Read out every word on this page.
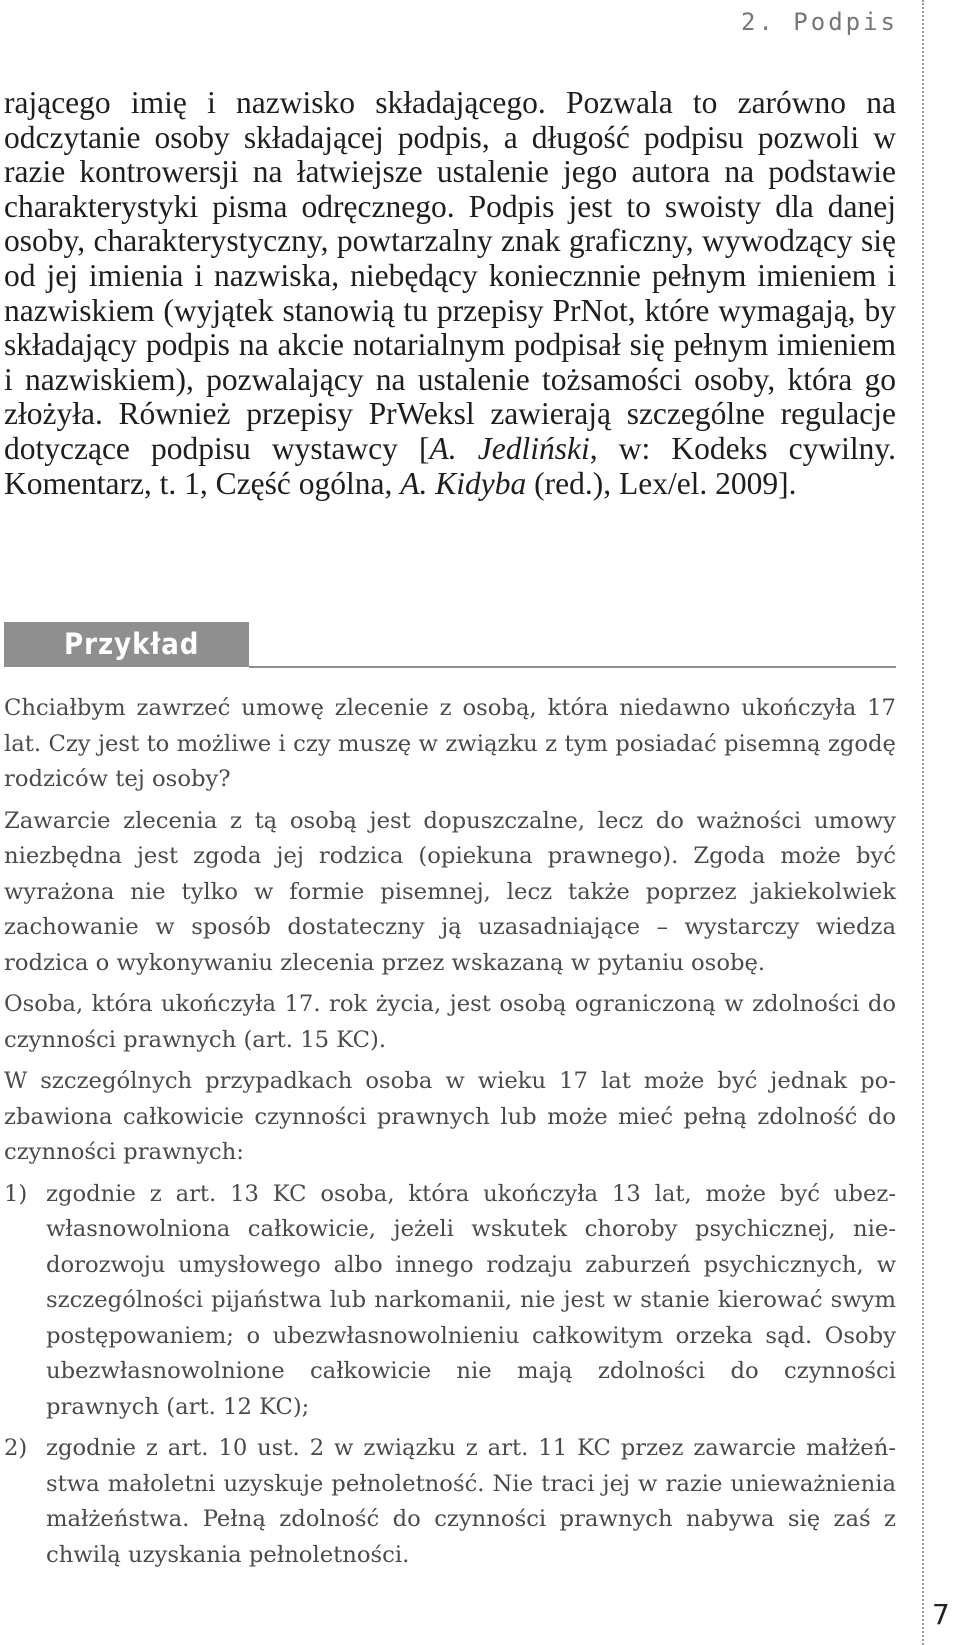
2. Podpis

rającego imię i nazwisko składającego. Pozwala to zarówno na odczytanie osoby składającej podpis, a długość podpisu pozwoli w razie kontrowersji na łatwiejsze ustalenie jego autora na podstawie charakterystyki pisma odręcznego. Podpis jest to swoisty dla danej osoby, charakterystyczny, powtarzalny znak graficzny, wywodzący się od jej imienia i nazwiska, niebędący koniecznnie pełnym imieniem i nazwiskiem (wyjątek stanowią tu przepisy PrNot, które wymagają, by składający podpis na akcie notarialnym podpisał się pełnym imieniem i nazwiskiem), pozwalający na ustalenie tożsamości osoby, która go złożyła. Również przepisy PrWeksl zawierają szczególne regulacje dotyczące podpisu wystawcy [A. Jedliński, w: Kodeks cywilny. Komentarz, t. 1, Część ogólna, A. Kidyba (red.), Lex/el. 2009].

Przykład

Chciałbym zawrzeć umowę zlecenie z osobą, która niedawno ukończyła 17 lat. Czy jest to możliwe i czy muszę w związku z tym posiadać pisemną zgodę rodziców tej osoby?

Zawarcie zlecenia z tą osobą jest dopuszczalne, lecz do ważności umowy niezbędna jest zgoda jej rodzica (opiekuna prawnego). Zgoda może być wyrażona nie tylko w formie pisemnej, lecz także poprzez jakiekolwiek zachowanie w sposób dostateczny ją uzasadniające – wystarczy wiedza rodzica o wykonywaniu zlecenia przez wskazaną w pytaniu osobę.

Osoba, która ukończyła 17. rok życia, jest osobą ograniczoną w zdolności do czynności prawnych (art. 15 KC).

W szczególnych przypadkach osoba w wieku 17 lat może być jednak pozbawiona całkowicie czynności prawnych lub może mieć pełną zdolność do czynności prawnych:

1) zgodnie z art. 13 KC osoba, która ukończyła 13 lat, może być ubezwłasnowolniona całkowicie, jeżeli wskutek choroby psychicznej, niedorozwoju umysłowego albo innego rodzaju zaburzeń psychicznych, w szczególności pijaństwa lub narkomanii, nie jest w stanie kierować swym postępowaniem; o ubezwłasnowolnieniu całkowitym orzeka sąd. Osoby ubezwłasnowolnione całkowicie nie mają zdolności do czynności prawnych (art. 12 KC);
2) zgodnie z art. 10 ust. 2 w związku z art. 11 KC przez zawarcie małżeństwa małoletni uzyskuje pełnoletność. Nie traci jej w razie unieważnienia małżeństwa. Pełną zdolność do czynności prawnych nabywa się zaś z chwilą uzyskania pełnoletności.
7
